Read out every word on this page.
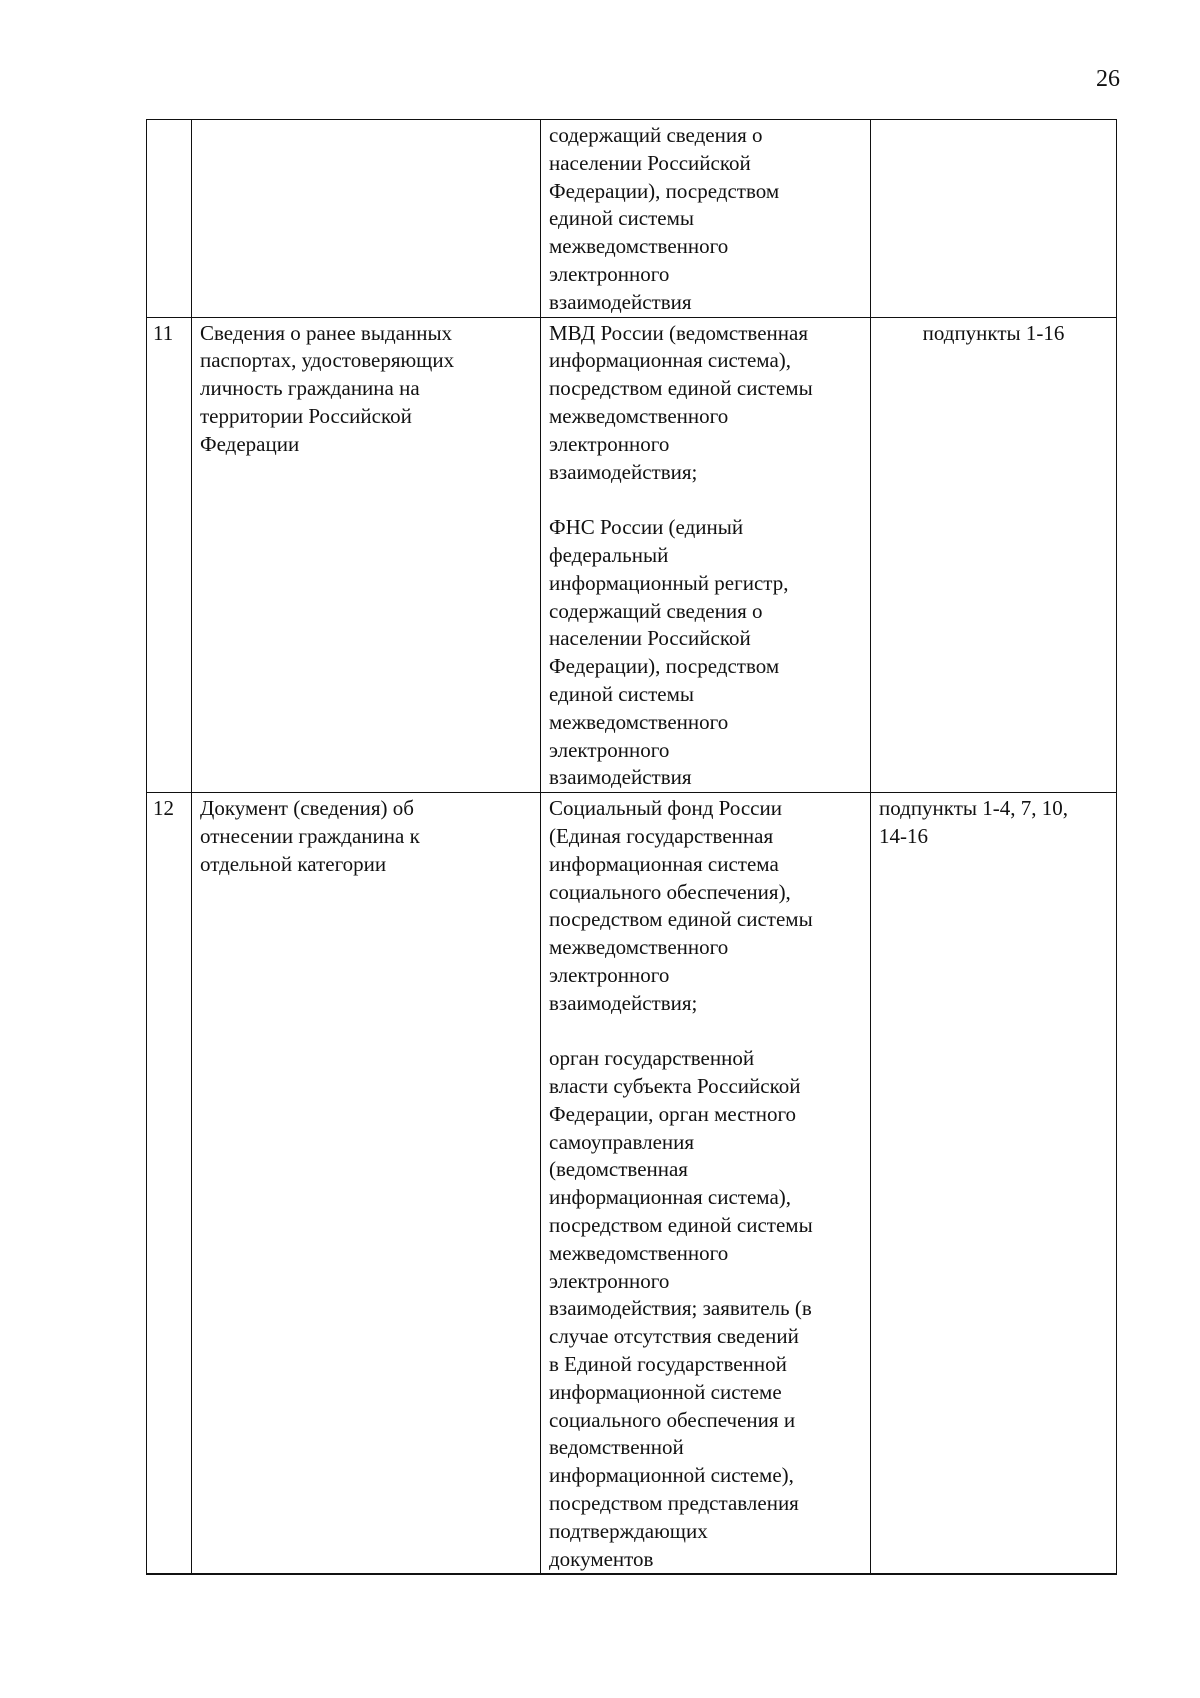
26
содержащий сведения о
населении Российской
Федерации), посредством
единой системы
межведомственного
электронного
взаимодействия
11	Сведения о ранее выданных
паспортах, удостоверяющих
личность гражданина на
территории Российской
Федерации
МВД России (ведомственная
информационная система),
посредством единой системы
межведомственного
электронного
взаимодействия;
ФНС России (единый
федеральный
информационный регистр,
содержащий сведения о
населении Российской
Федерации), посредством
единой системы
межведомственного
электронного
взаимодействия
подпункты 1-16
12	Документ (сведения) об
отнесении гражданина к
отдельной категории
Социальный фонд России
(Единая государственная
информационная система
социального обеспечения),
посредством единой системы
межведомственного
электронного
взаимодействия;
орган государственной
власти субъекта Российской
Федерации, орган местного
самоуправления
(ведомственная
информационная система),
посредством единой системы
межведомственного
электронного
взаимодействия; заявитель (в
случае отсутствия сведений
в Единой государственной
информационной системе
социального обеспечения и
ведомственной
информационной системе),
посредством представления
подтверждающих
документов
подпункты 1-4, 7, 10,
14-16
